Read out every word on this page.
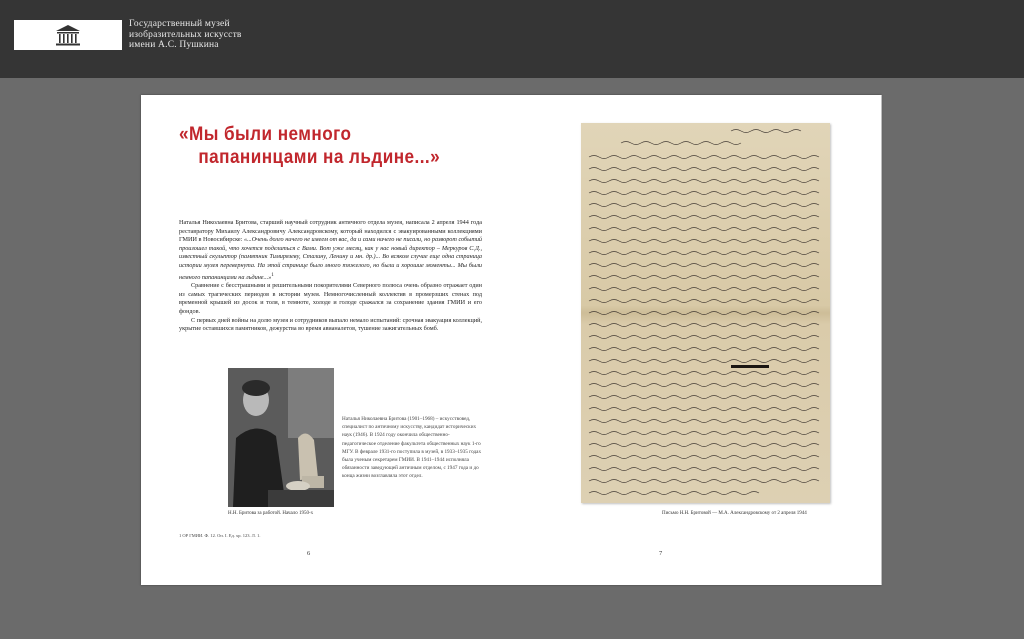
Государственный музей
изобразительных искусств
имени А.С. Пушкина
«Мы были немного
папанинцами на льдине...»

Наталья Николаевна Бритова, старший научный сотрудник античного отдела музея, написала 2 апреля 1944 года реставратору Михаилу Александровичу Александровскому, который находился с эвакуированными коллекциями ГМИИ в Новосибирске: «...Очень долго ничего не имеем от вас, да и сами ничего не писали, но разворот событий произошел такой, что хочется поделиться с Вами. Вот уже месяц, как у нас новый директор – Меркуров С.Д., известный скульптор (памятник Тимирязеву, Сталину, Ленину и мн. др.)... Во всяком случае еще одна страница истории музея перевернута. На этой странице было много тяжелого, но были и хорошие моменты... Мы были немного папанинцами на льдине...»$^1$

Сравнение с бесстрашными и решительными покорителями Северного полюса очень образно отражает один из самых трагических периодов в истории музея. Немногочисленный коллектив в промерзших стенах под временной крышей из досок и толя, в темноте, холоде и голоде сражался за сохранение здания ГМИИ и его фондов.

С первых дней войны на долю музея и сотрудников выпало немало испытаний: срочная эвакуация коллекций, укрытие оставшихся памятников, дежурства во время авианалетов, тушение зажигательных бомб.

Н.Н. Бритова за работой. Начало 1950-х
Наталья Николаевна Бритова (1901–1968) – искусствовед, специалист по античному искусству, кандидат исторических наук (1946). В 1924 году окончила общественно-педагогическое отделение факультета общественных наук 1-го МГУ. В феврале 1931-го поступила в музей, в 1933–1935 годах была ученым секретарем ГМИИ. В 1941–1944 исполняла обязанности заведующей античным отделом, с 1947 года и до конца жизни возглавляла этот отдел.
1 ОР ГМИИ. Ф. 12. Оп. I. Ед. хр. 123. Л. 1.
6
Письмо Н.Н. Бритовой — М.А. Александровскому от 2 апреля 1944
7
